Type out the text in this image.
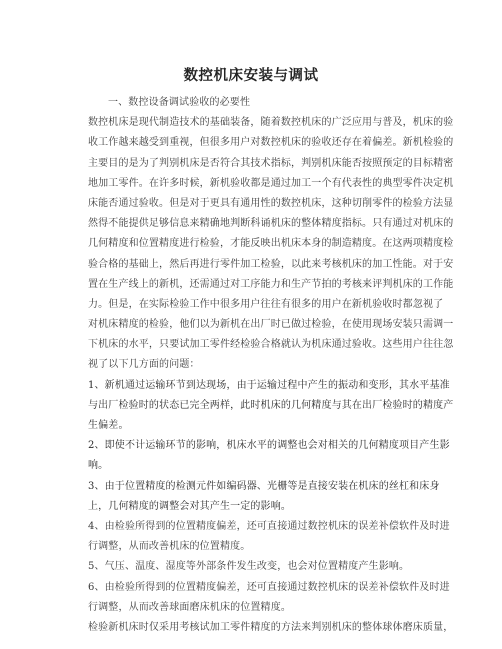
数控机床安装与调试
一、数控设备调试验收的必要性
数控机床是现代制造技术的基础装备，随着数控机床的广泛应用与普及，机床的验
收工作越来越受到重视，但很多用户对数控机床的验收还存在着偏差。新机检验的
主要目的是为了判别机床是否符合其技术指标，判别机床能否按照预定的目标精密
地加工零件。在许多时候，新机验收都是通过加工一个有代表性的典型零件决定机
床能否通过验收。但是对于更具有通用性的数控机床，这种切削零件的检验方法显
然得不能提供足够信息来精确地判断科诵机床的整体精度指标。只有通过对机床的
几何精度和位置精度进行检验，才能反映出机床本身的制造精度。在这两项精度检
验合格的基础上，然后再进行零件加工检验，以此来考核机床的加工性能。对于安
置在生产线上的新机，还需通过对工序能力和生产节拍的考核来评判机床的工作能
力。但是，在实际检验工作中很多用户往往有很多的用户在新机验收时都忽视了
对机床精度的检验，他们以为新机在出厂时已做过检验，在使用现场安装只需调一
下机床的水平，只要试加工零件经检验合格就认为机床通过验收。这些用户往往忽
视了以下几方面的问题：
1、新机通过运输环节到达现场，由于运输过程中产生的振动和变形，其水平基准
与出厂检验时的状态已完全两样，此时机床的几何精度与其在出厂检验时的精度产
生偏差。
2、即使不计运输环节的影响，机床水平的调整也会对相关的几何精度项目产生影
响。
3、由于位置精度的检测元件如编码器、光栅等是直接安装在机床的丝杠和床身
上，几何精度的调整会对其产生一定的影响。
4、由检验所得到的位置精度偏差，还可直接通过数控机床的误差补偿软件及时进
行调整，从而改善机床的位置精度。
5、气压、温度、湿度等外部条件发生改变，也会对位置精度产生影响。
6、由检验所得到的位置精度偏差，还可直接通过数控机床的误差补偿软件及时进
行调整，从而改善球面磨床机床的位置精度。
检验新机床时仅采用考核试加工零件精度的方法来判别机床的整体球体磨床质量，
